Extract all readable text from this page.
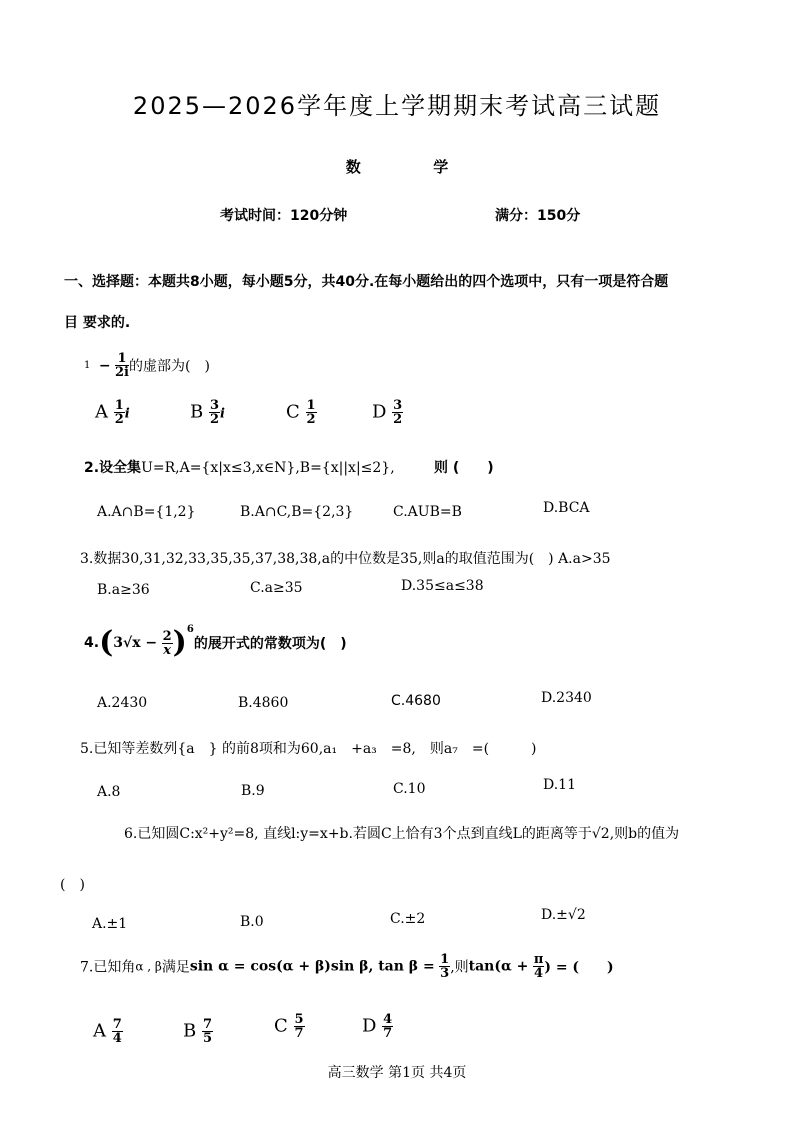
2025—2026学年度上学期期末考试高三试题
数	学
考试时间：120分钟	满分：150分
一、选择题：本题共8小题，每小题5分，共40分.在每小题给出的四个选项中，只有一项是符合题
目 要求的.
$1 - \frac{1}{2i}$ 的虚部为(　)
A $\frac{1}{2}$ i	B $\frac{3}{2}$ i	C $\frac{1}{2}$	D $\frac{3}{2}$
2.设全集U=R,A={x|x≤3,x∈N},B={x||x|≤2},	则 (　　)
A.A∩B={1,2}	B.A∩C,B={2,3}	C.AUB=B	D.BCA
3.数据30,31,32,33,35,35,37,38,38,a的中位数是35,则a的取值范围为(　) A.a>35
B.a≥36	C.a≥35	D.35≤a≤38
$4.(3√x - \frac{2}{x} )^6$的展开式的常数项为(　)
A.2430	B.4860	C.4680	D.2340
5.已知等差数列{a　} 的前8项和为60,a₁　+a₃　=8,　则a₇　=(　　　)
A.8	B.9	C.10	D.11
6.已知圆C:x²+y²=8, 直线l:y=x+b.若圆C上恰有3个点到直线L的距离等于√2,则b的值为
(　)
A.±1	B.0	C.±2	D.±√2
7.已知角α , β满足sin α = cos(α + β)sin β, $\tan \beta = \frac{1}{3}$ ,则$\tan(\alpha + \frac{\pi}{4}$ ) = (　　)
A $\frac{7}{4}$	B $\frac{7}{5}$	C $\frac{5}{7}$	D $\frac{4}{7}$
高三数学 第1页 共4页
